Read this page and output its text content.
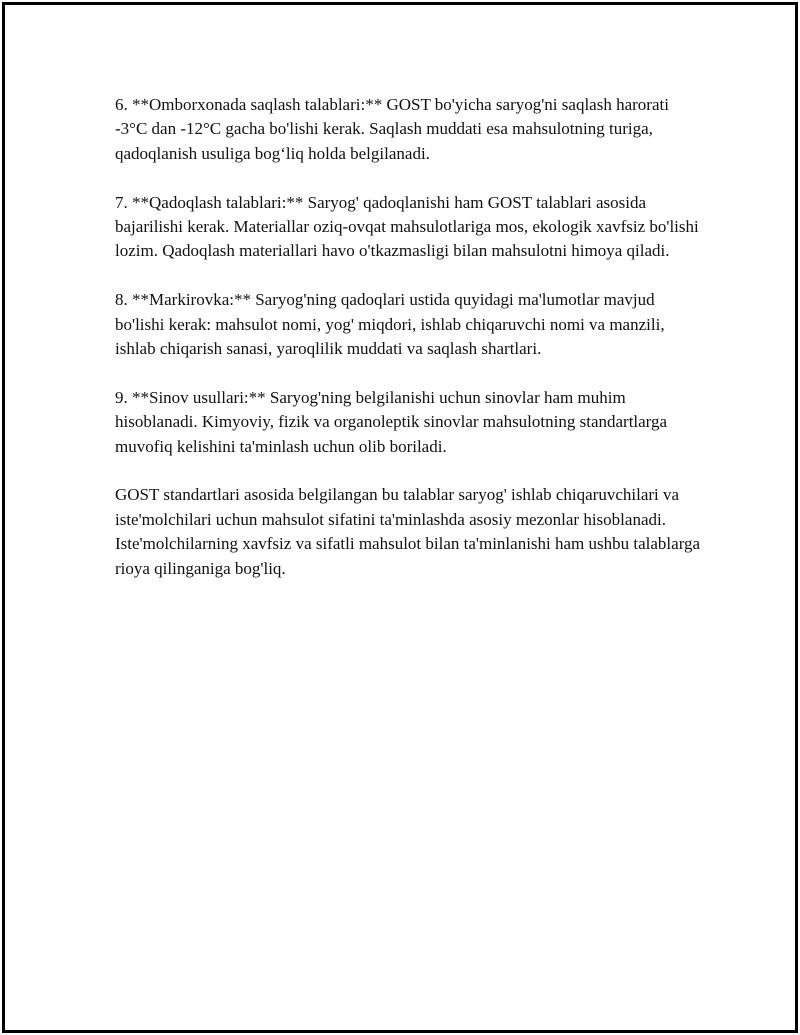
6. **Omborxonada saqlash talablari:** GOST bo'yicha saryog'ni saqlash harorati -3°C dan -12°C gacha bo'lishi kerak. Saqlash muddati esa mahsulotning turiga, qadoqlanish usuliga bog‘liq holda belgilanadi.

7. **Qadoqlash talablari:** Saryog' qadoqlanishi ham GOST talablari asosida bajarilishi kerak. Materiallar oziq-ovqat mahsulotlariga mos, ekologik xavfsiz bo'lishi lozim. Qadoqlash materiallari havo o'tkazmasligi bilan mahsulotni himoya qiladi.

8. **Markirovka:** Saryog'ning qadoqlari ustida quyidagi ma'lumotlar mavjud bo'lishi kerak: mahsulot nomi, yog' miqdori, ishlab chiqaruvchi nomi va manzili, ishlab chiqarish sanasi, yaroqlilik muddati va saqlash shartlari.

9. **Sinov usullari:** Saryog'ning belgilanishi uchun sinovlar ham muhim hisoblanadi. Kimyoviy, fizik va organoleptik sinovlar mahsulotning standartlarga muvofiq kelishini ta'minlash uchun olib boriladi.

GOST standartlari asosida belgilangan bu talablar saryog' ishlab chiqaruvchilari va iste'molchilari uchun mahsulot sifatini ta'minlashda asosiy mezonlar hisoblanadi. Iste'molchilarning xavfsiz va sifatli mahsulot bilan ta'minlanishi ham ushbu talablarga rioya qilinganiga bog'liq.
